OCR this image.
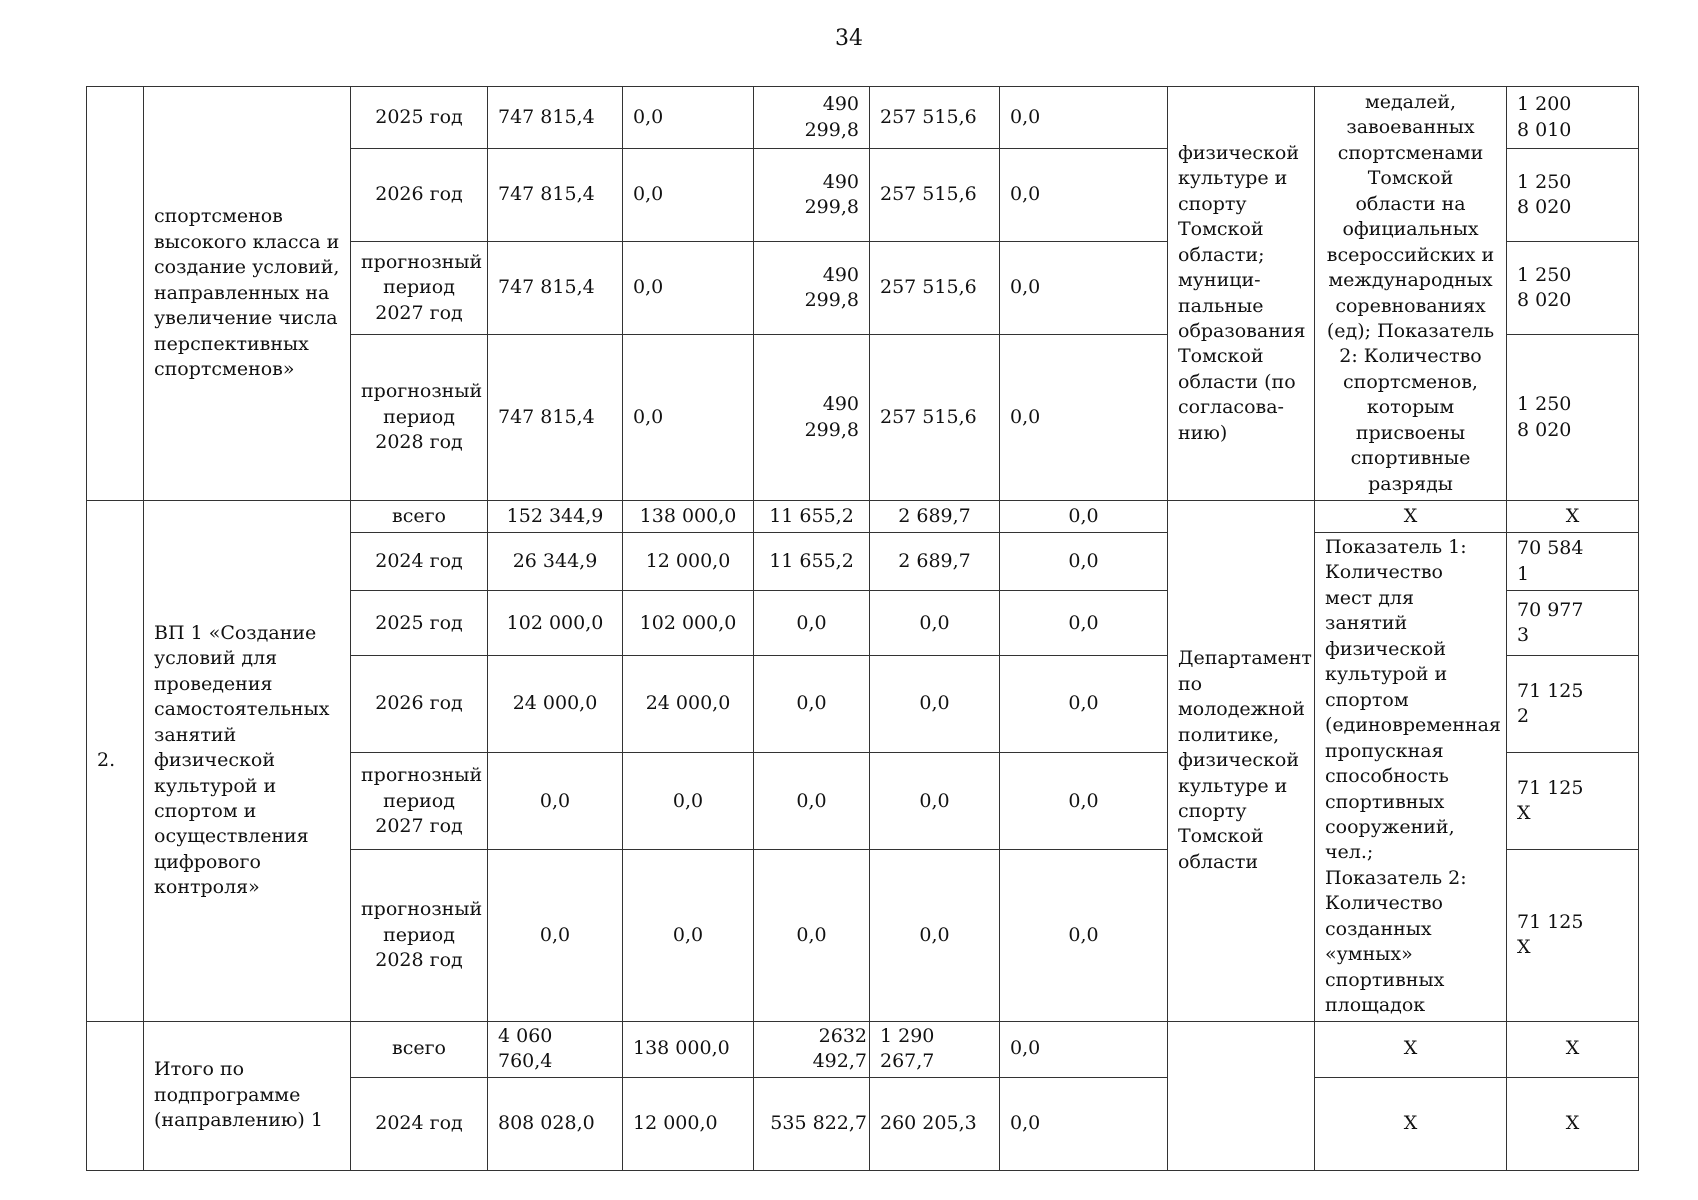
34
	спортсменов высокого класса и создание условий, направленных на увеличение числа перспективных спортсменов»	2025 год	747 815,4	0,0	490 299,8	257 515,6	0,0	физической культуре и спорту Томской области; муници-пальные образования Томской области (по согласова-нию)	медалей, завоеванных спортсменами Томской области на официальных всероссийских и международных соревнованиях (ед); Показатель 2: Количество спортсменов, которым присвоены спортивные разряды	1 200
8 010

		2026 год	747 815,4	0,0	490 299,8	257 515,6	0,0			1 250
8 020

		прогнозный период 2027 год	747 815,4	0,0	490 299,8	257 515,6	0,0			1 250
8 020

		прогнозный период 2028 год	747 815,4	0,0	490 299,8	257 515,6	0,0			1 250
8 020

2.	ВП 1 «Создание условий для проведения самостоятельных занятий физической культурой и спортом и осуществления цифрового контроля»	всего	152 344,9	138 000,0	11 655,2	2 689,7	0,0	Департамент по молодежной политике, физической культуре и спорту Томской области	X	X
		2024 год	26 344,9	12 000,0	11 655,2	2 689,7	0,0		Показатель 1: Количество мест для занятий физической культурой и спортом (единовременная пропускная способность спортивных сооружений, чел.; Показатель 2: Количество созданных «умных» спортивных площадок	70 584
1

		2025 год	102 000,0	102 000,0	0,0	0,0	0,0			70 977
3

		2026 год	24 000,0	24 000,0	0,0	0,0	0,0			71 125
2

		прогнозный период 2027 год	0,0	0,0	0,0	0,0	0,0			71 125
X

		прогнозный период 2028 год	0,0	0,0	0,0	0,0	0,0			71 125
X

	Итого по подпрограмме (направлению) 1	всего	4 060 760,4	138 000,0	2632 492,7	1 290 267,7	0,0		X	X
		2024 год	808 028,0	12 000,0	535 822,7	260 205,3	0,0		X	X
